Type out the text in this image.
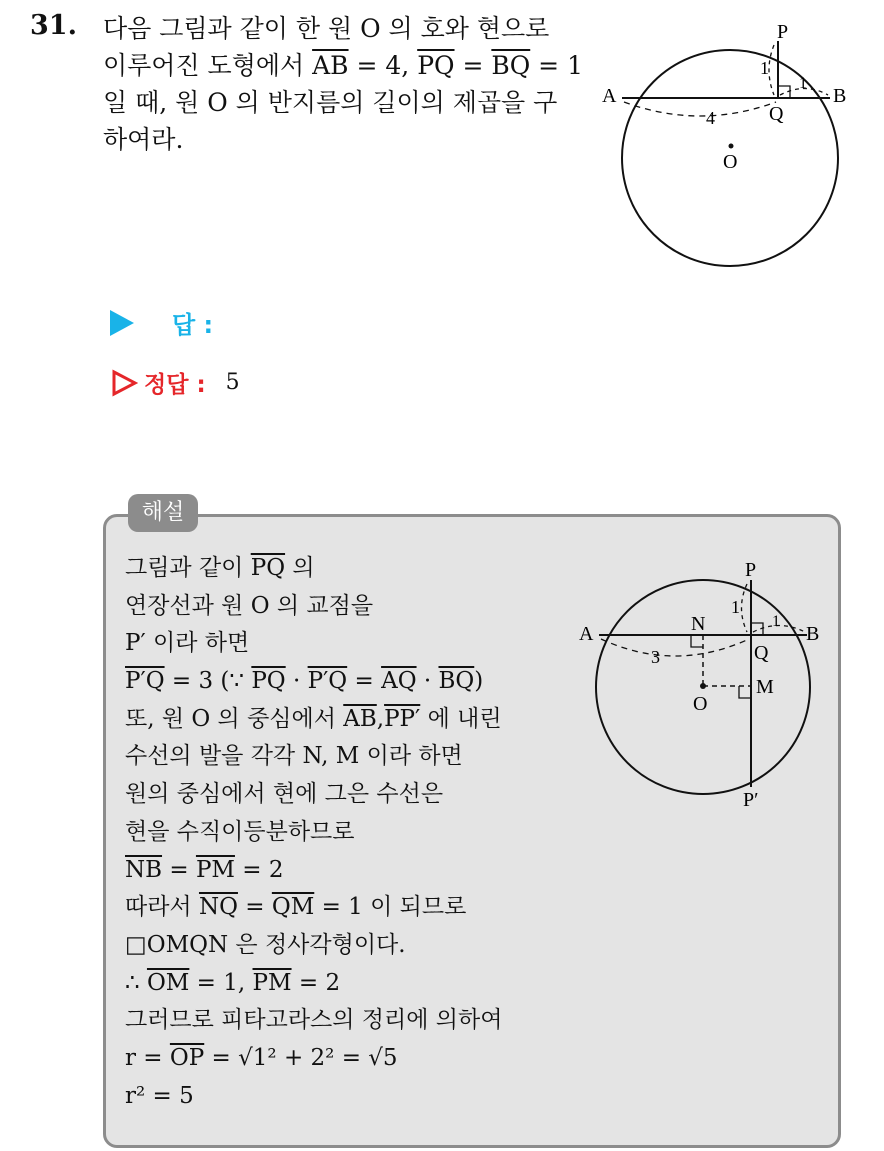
31. 다음 그림과 같이 한 원 O 의 호와 현으로
이루어진 도형에서 $\overline{AB} = 4$, $\overline{PQ} = \overline{BQ} = 1$
일 때, 원 O 의 반지름의 길이의 제곱을 구
하여라.
P
A	B
Q
O
1
1
4
답 :
정답 : 5
해설
그림과 같이 $\overline{PQ}$ 의
연장선과 원 O 의 교점을
P′ 이라 하면
P′Q = 3 (∵ $\overline{PQ} \cdot P'Q = \overline{AQ} \cdot \overline{BQ}$)
또, 원 O 의 중심에서 $\overline{AB},PP'$ 에 내린
수선의 발을 각각 N, M 이라 하면
원의 중심에서 현에 그은 수선은
현을 수직이등분하므로
$\overline{NB} = \overline{PM} = 2$
따라서 $\overline{NQ} = \overline{QM} = 1$ 이 되므로
□OMQN 은 정사각형이다.
∴ $\overline{OM} = 1$, $\overline{PM} = 2$
그러므로 피타고라스의 정리에 의하여
$r = \overline{OP} = √1^2 + 2^2 = √5$
r² = 5
P
A	B
N
Q
O
M
P′
1
1
3
